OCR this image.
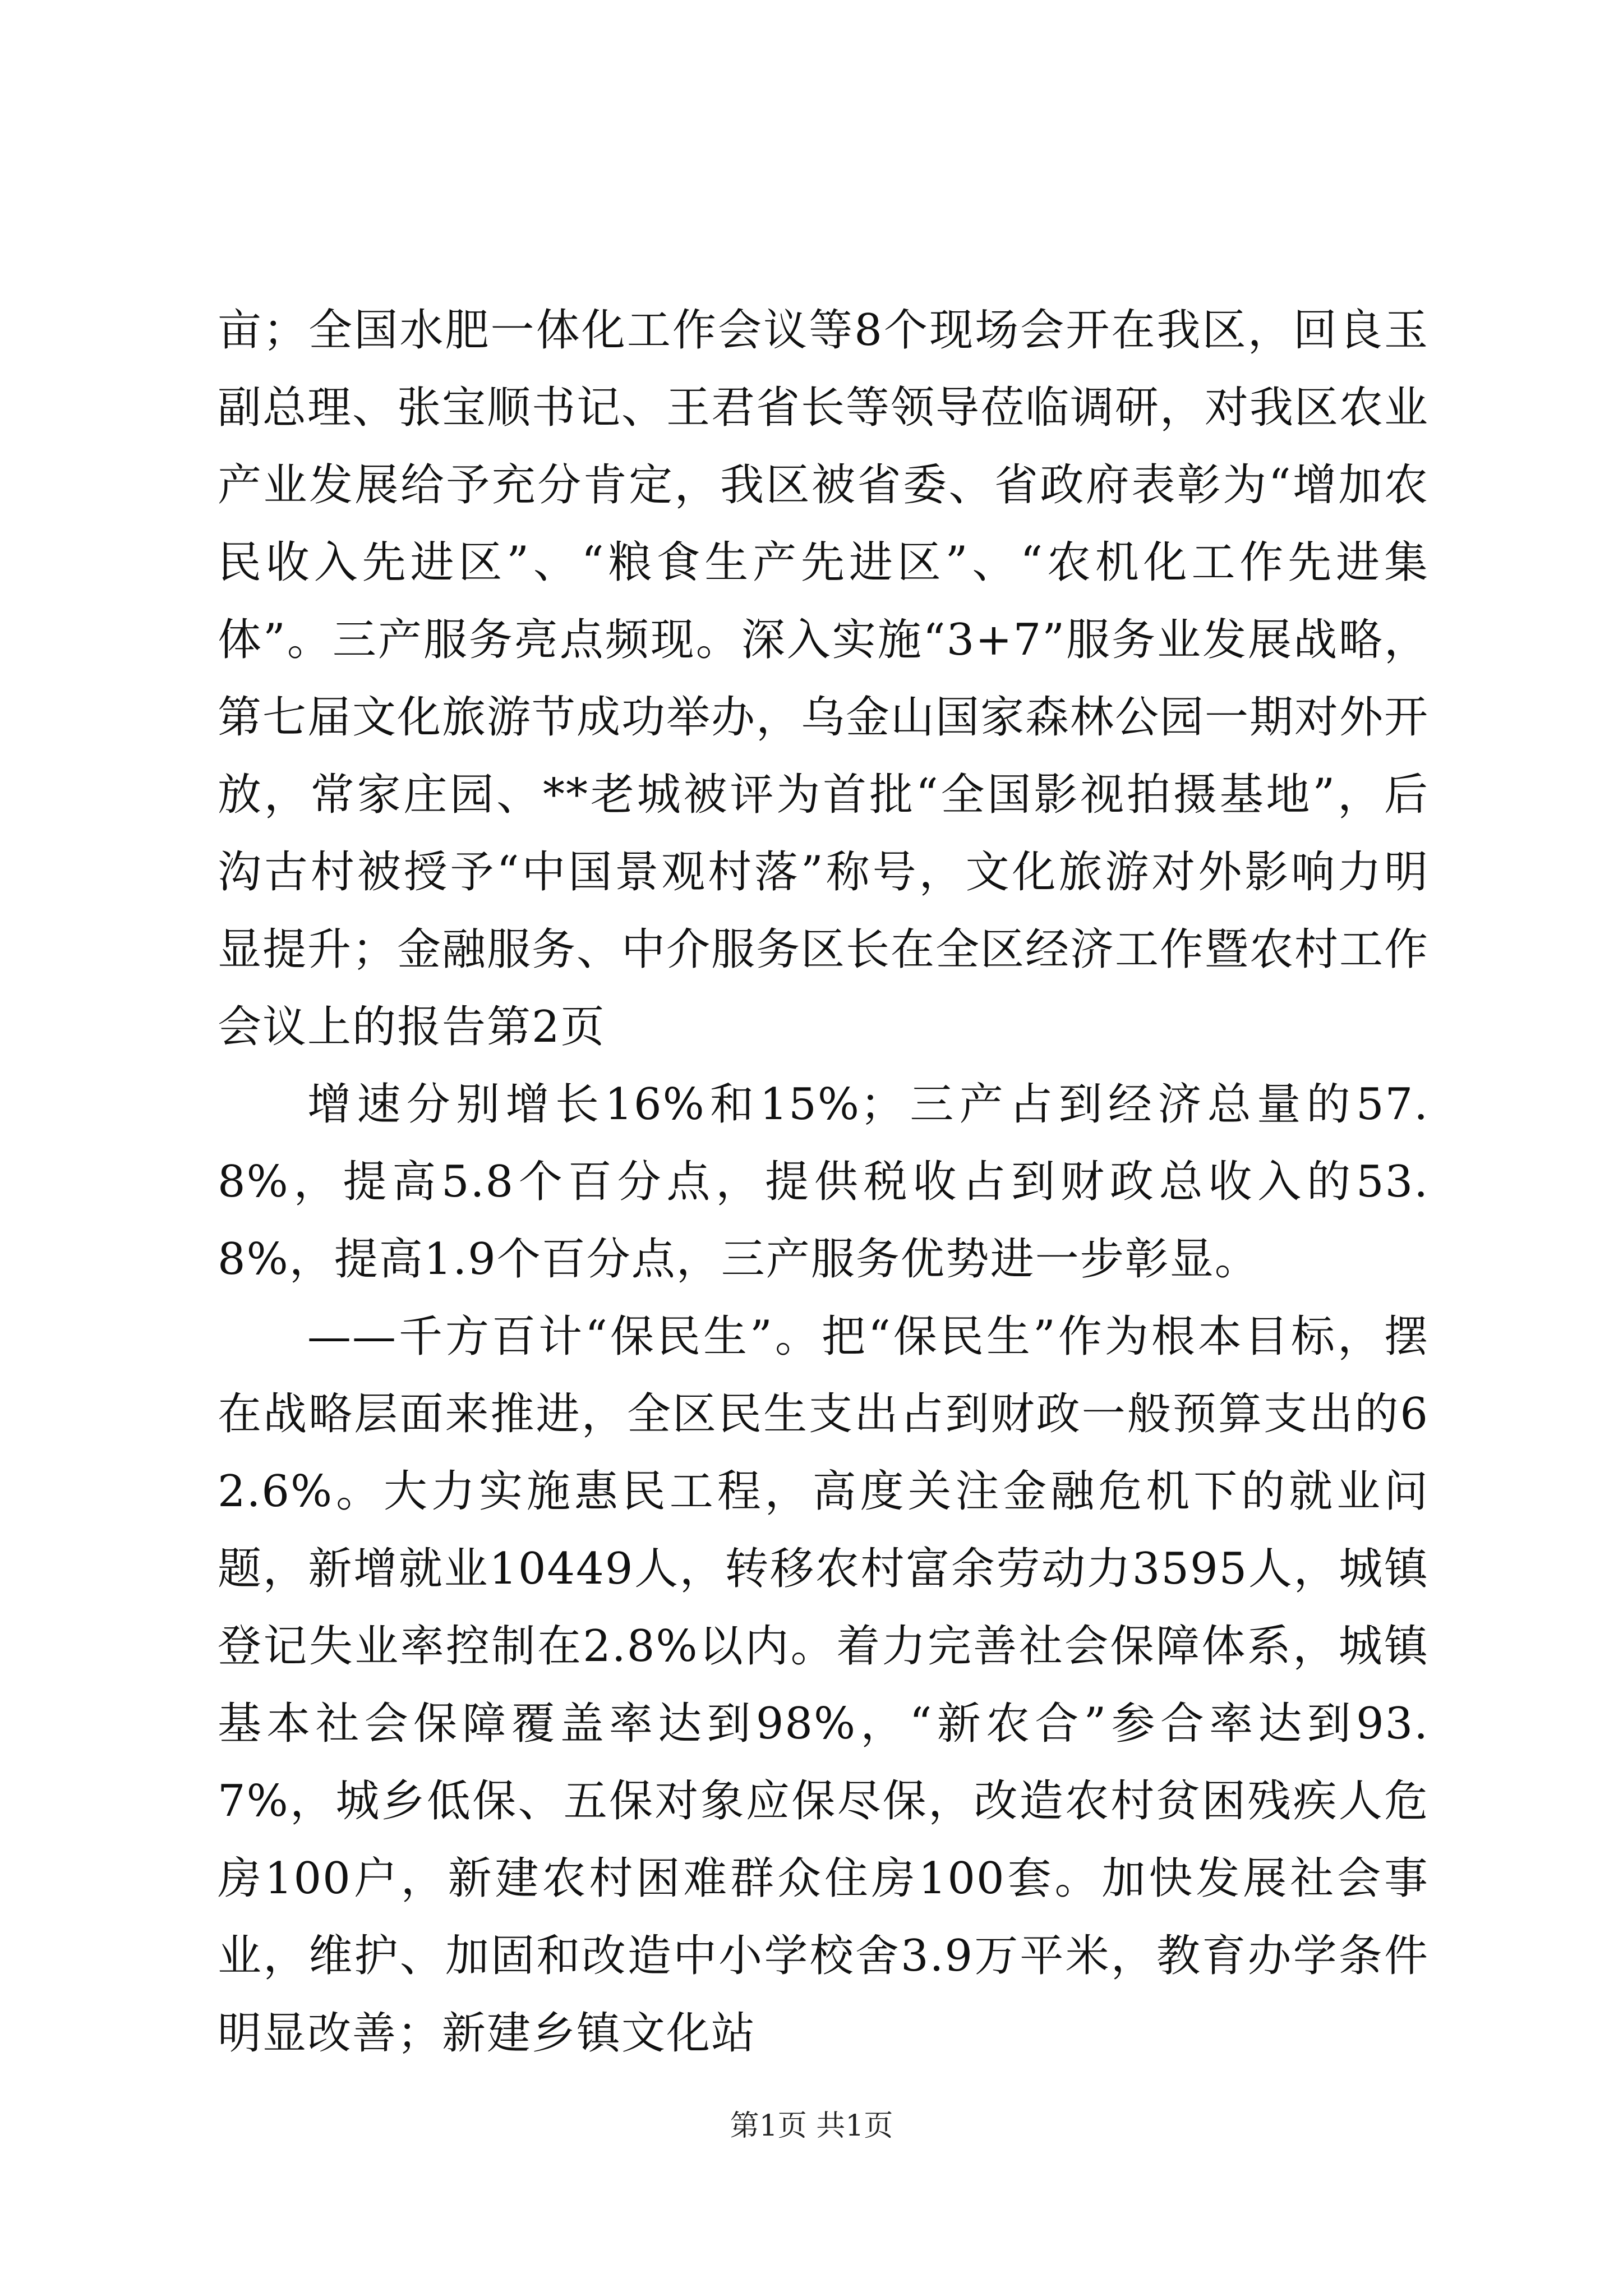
亩；全国水肥一体化工作会议等8个现场会开在我区，回良玉副总理、张宝顺书记、王君省长等领导莅临调研，对我区农业产业发展给予充分肯定，我区被省委、省政府表彰为“增加农民收入先进区”、“粮食生产先进区”、“农机化工作先进集体”。三产服务亮点频现。深入实施“3+7”服务业发展战略，第七届文化旅游节成功举办，乌金山国家森林公园一期对外开放，常家庄园、**老城被评为首批“全国影视拍摄基地”，后沟古村被授予“中国景观村落”称号，文化旅游对外影响力明显提升；金融服务、中介服务区长在全区经济工作暨农村工作会议上的报告第2页

增速分别增长16%和15%；三产占到经济总量的57.8%，提高5.8个百分点，提供税收占到财政总收入的53.8%，提高1.9个百分点，三产服务优势进一步彰显。

——千方百计“保民生”。把“保民生”作为根本目标，摆在战略层面来推进，全区民生支出占到财政一般预算支出的62.6%。大力实施惠民工程，高度关注金融危机下的就业问题，新增就业10449人，转移农村富余劳动力3595人，城镇登记失业率控制在2.8%以内。着力完善社会保障体系，城镇基本社会保障覆盖率达到98%，“新农合”参合率达到93.7%，城乡低保、五保对象应保尽保，改造农村贫困残疾人危房100户，新建农村困难群众住房100套。加快发展社会事业，维护、加固和改造中小学校舍3.9万平米，教育办学条件明显改善；新建乡镇文化站

第1页 共1页
